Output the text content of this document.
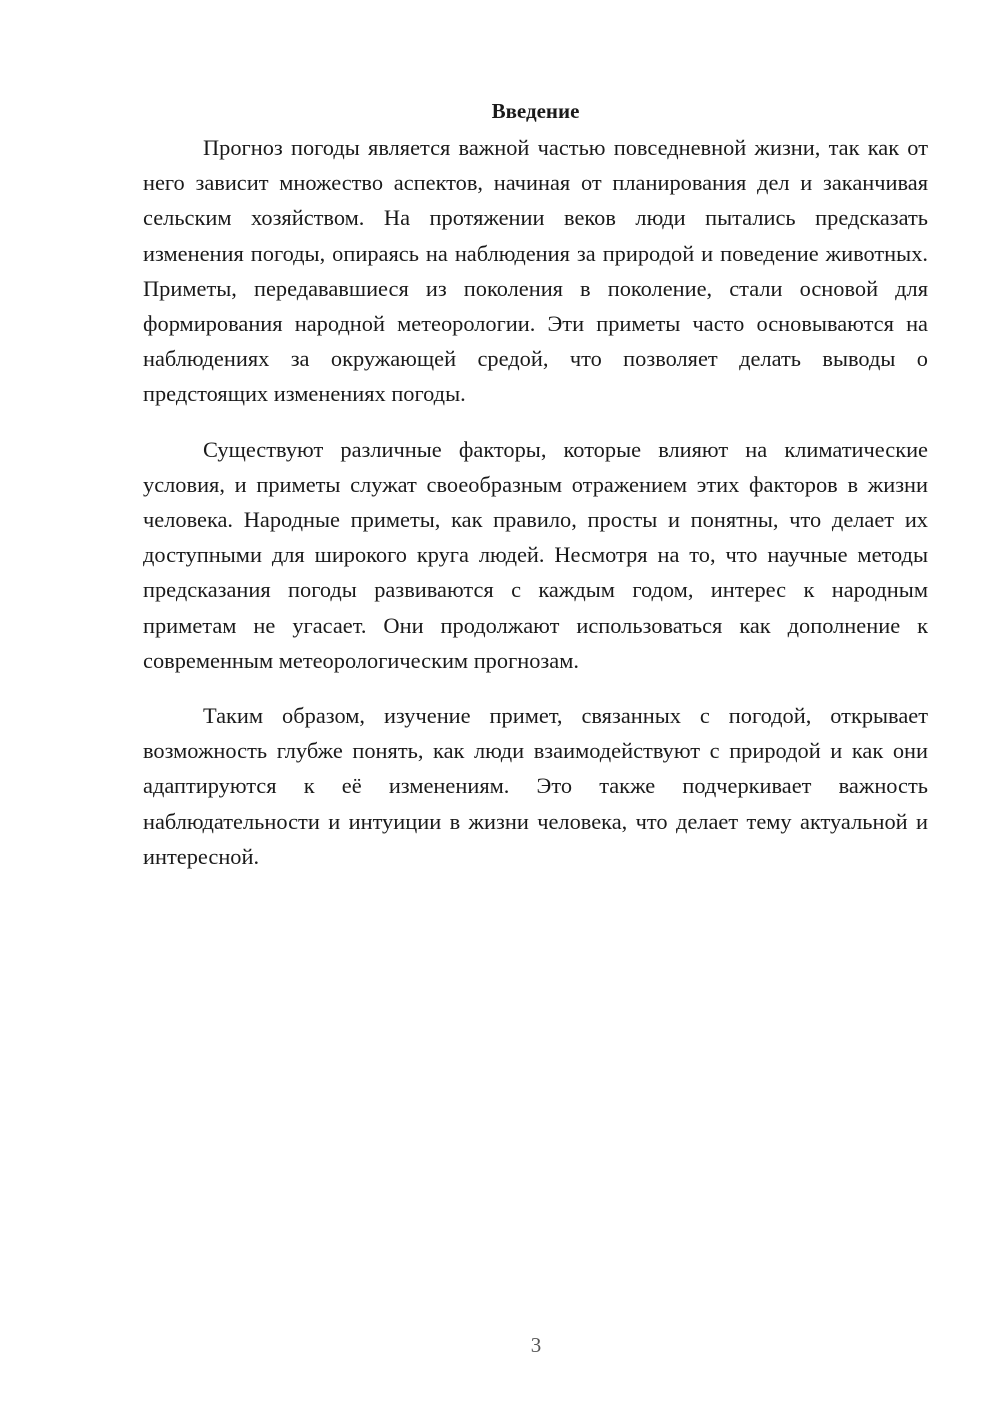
Введение

Прогноз погоды является важной частью повседневной жизни, так как от него зависит множество аспектов, начиная от планирования дел и заканчивая сельским хозяйством. На протяжении веков люди пытались предсказать изменения погоды, опираясь на наблюдения за природой и поведение животных. Приметы, передававшиеся из поколения в поколение, стали основой для формирования народной метеорологии. Эти приметы часто основываются на наблюдениях за окружающей средой, что позволяет делать выводы о предстоящих изменениях погоды.

Существуют различные факторы, которые влияют на климатические условия, и приметы служат своеобразным отражением этих факторов в жизни человека. Народные приметы, как правило, просты и понятны, что делает их доступными для широкого круга людей. Несмотря на то, что научные методы предсказания погоды развиваются с каждым годом, интерес к народным приметам не угасает. Они продолжают использоваться как дополнение к современным метеорологическим прогнозам.

Таким образом, изучение примет, связанных с погодой, открывает возможность глубже понять, как люди взаимодействуют с природой и как они адаптируются к её изменениям. Это также подчеркивает важность наблюдательности и интуиции в жизни человека, что делает тему актуальной и интересной.

3
